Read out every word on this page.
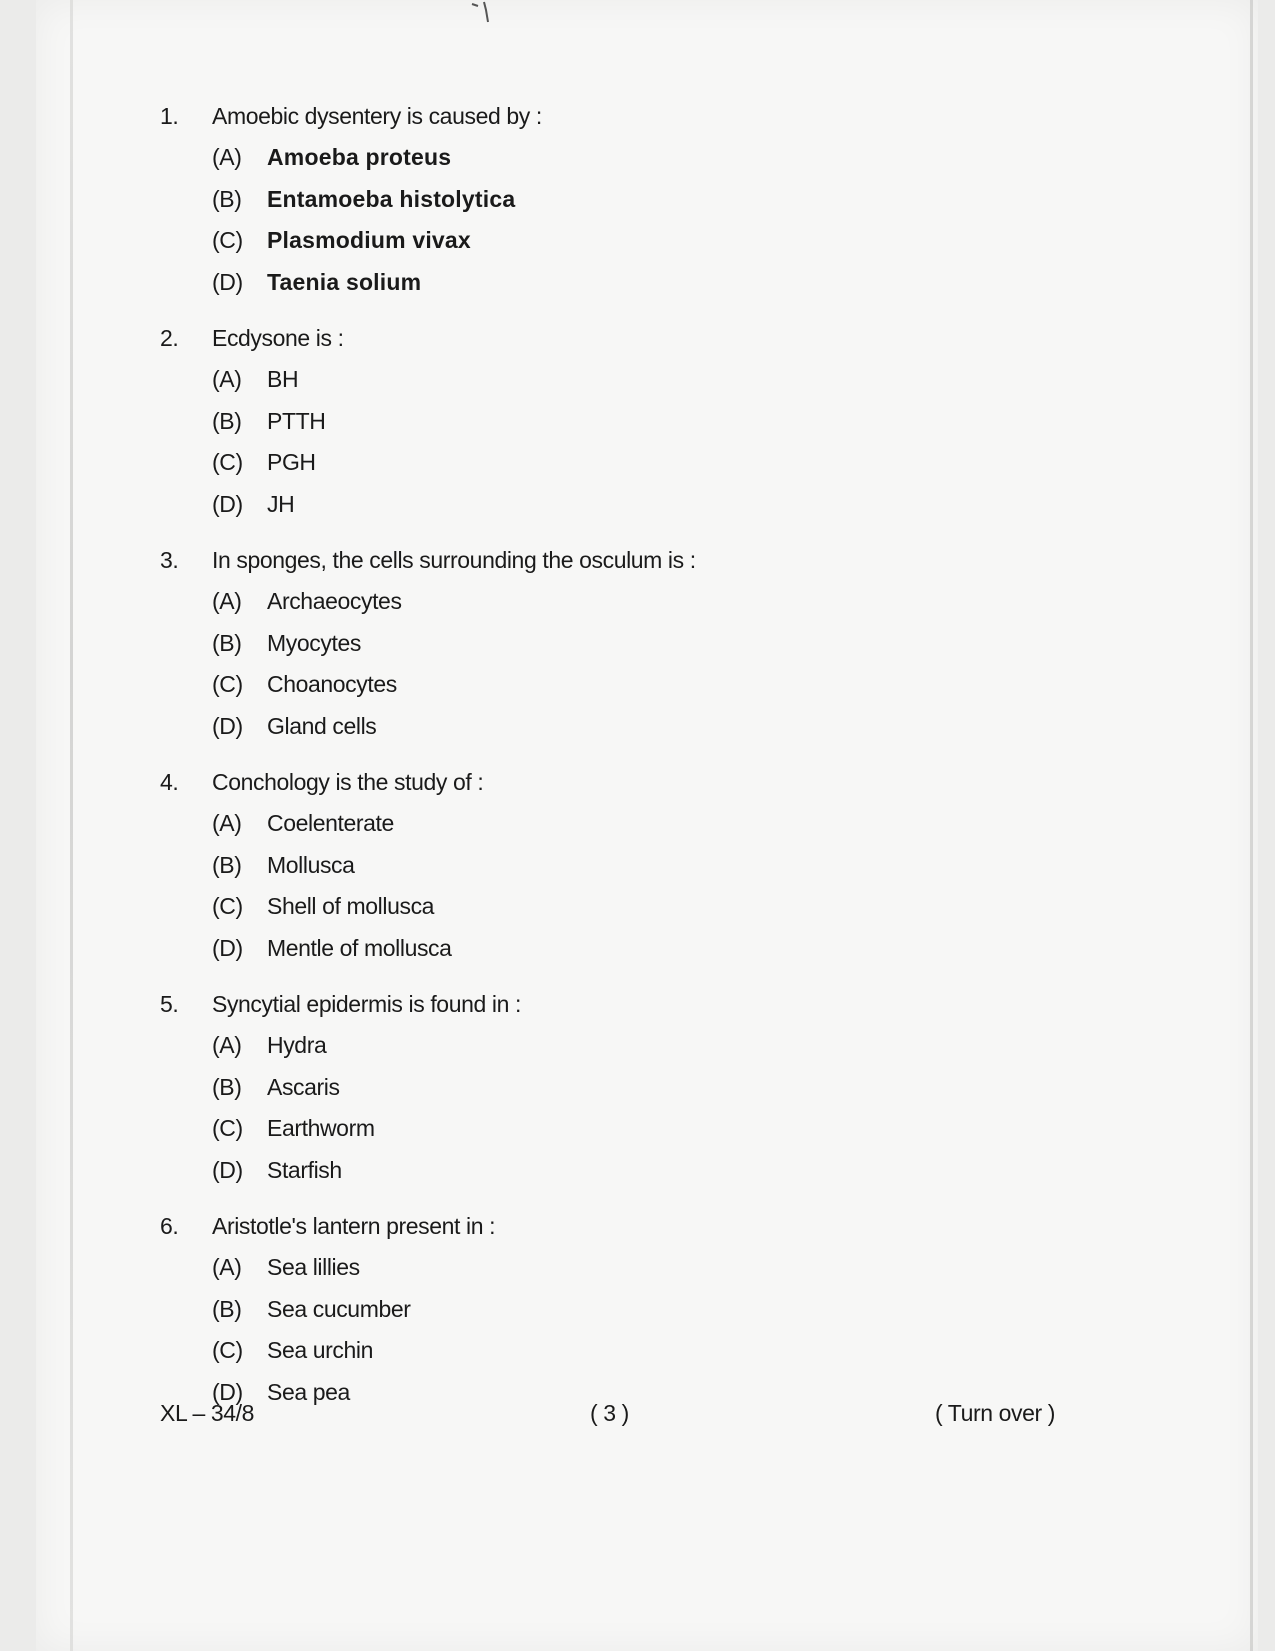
1.	Amoebic dysentery is caused by :
(A)	Amoeba proteus
(B)	Entamoeba histolytica
(C)	Plasmodium vivax
(D)	Taenia solium
2.	Ecdysone is :
(A)	BH
(B)	PTTH
(C)	PGH
(D)	JH
3.	In sponges, the cells surrounding the osculum is :
(A)	Archaeocytes
(B)	Myocytes
(C)	Choanocytes
(D)	Gland cells
4.	Conchology is the study of :
(A)	Coelenterate
(B)	Mollusca
(C)	Shell of mollusca
(D)	Mentle of mollusca
5.	Syncytial epidermis is found in :
(A)	Hydra
(B)	Ascaris
(C)	Earthworm
(D)	Starfish
6.	Aristotle's lantern present in :
(A)	Sea lillies
(B)	Sea cucumber
(C)	Sea urchin
(D)	Sea pea
XL – 34/8	( 3 )	( Turn over )
